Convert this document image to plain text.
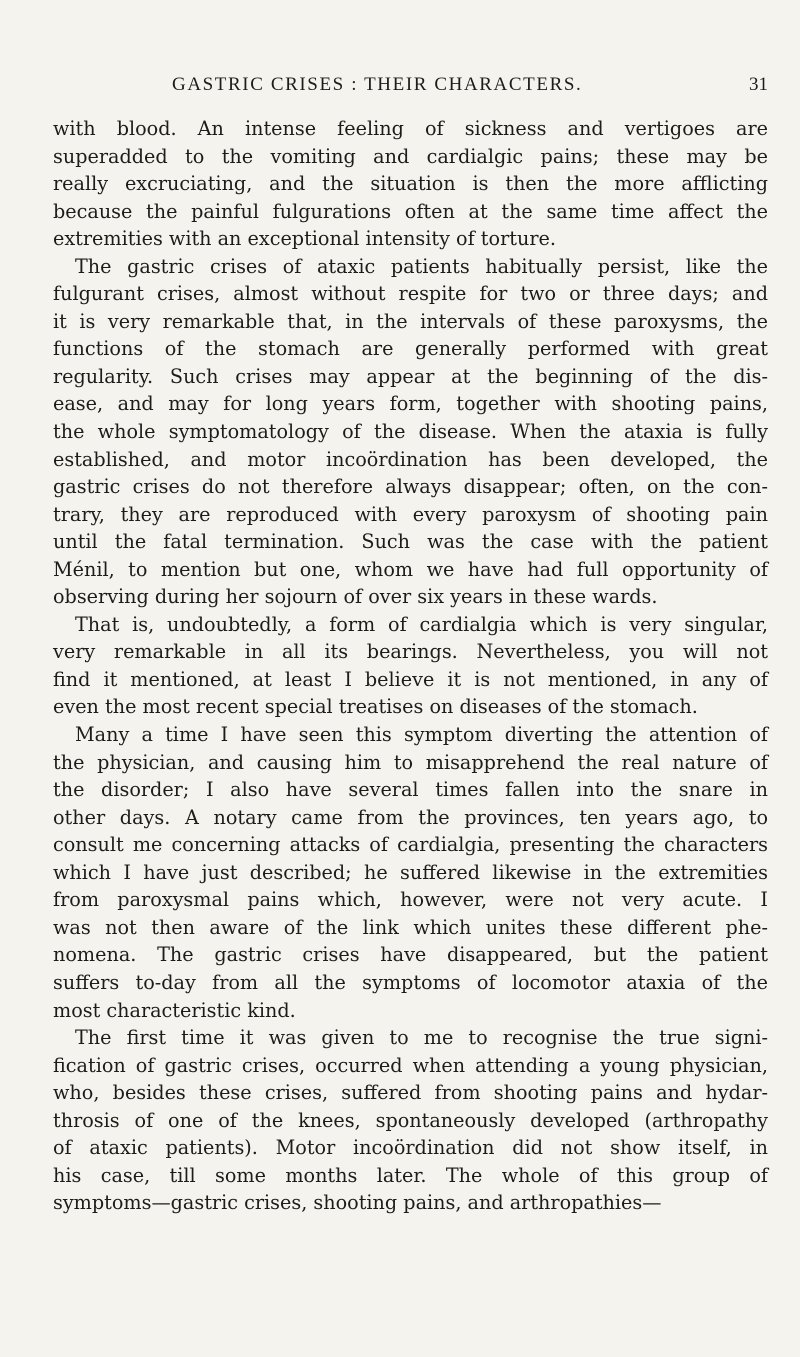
GASTRIC CRISES : THEIR CHARACTERS.	31
with blood. An intense feeling of sickness and vertigoes are
superadded to the vomiting and cardialgic pains; these may be
really excruciating, and the situation is then the more afflicting
because the painful fulgurations often at the same time affect the
extremities with an exceptional intensity of torture.
The gastric crises of ataxic patients habitually persist, like the
fulgurant crises, almost without respite for two or three days; and
it is very remarkable that, in the intervals of these paroxysms, the
functions of the stomach are generally performed with great
regularity. Such crises may appear at the beginning of the dis-
ease, and may for long years form, together with shooting pains,
the whole symptomatology of the disease. When the ataxia is fully
established, and motor incoördination has been developed, the
gastric crises do not therefore always disappear; often, on the con-
trary, they are reproduced with every paroxysm of shooting pain
until the fatal termination. Such was the case with the patient
Ménil, to mention but one, whom we have had full opportunity of
observing during her sojourn of over six years in these wards.
That is, undoubtedly, a form of cardialgia which is very singular,
very remarkable in all its bearings. Nevertheless, you will not
find it mentioned, at least I believe it is not mentioned, in any of
even the most recent special treatises on diseases of the stomach.
Many a time I have seen this symptom diverting the attention of
the physician, and causing him to misapprehend the real nature of
the disorder; I also have several times fallen into the snare in
other days. A notary came from the provinces, ten years ago, to
consult me concerning attacks of cardialgia, presenting the characters
which I have just described; he suffered likewise in the extremities
from paroxysmal pains which, however, were not very acute. I
was not then aware of the link which unites these different phe-
nomena. The gastric crises have disappeared, but the patient
suffers to-day from all the symptoms of locomotor ataxia of the
most characteristic kind.
The first time it was given to me to recognise the true signi-
fication of gastric crises, occurred when attending a young physician,
who, besides these crises, suffered from shooting pains and hydar-
throsis of one of the knees, spontaneously developed (arthropathy
of ataxic patients). Motor incoördination did not show itself, in
his case, till some months later. The whole of this group of
symptoms—gastric crises, shooting pains, and arthropathies—
